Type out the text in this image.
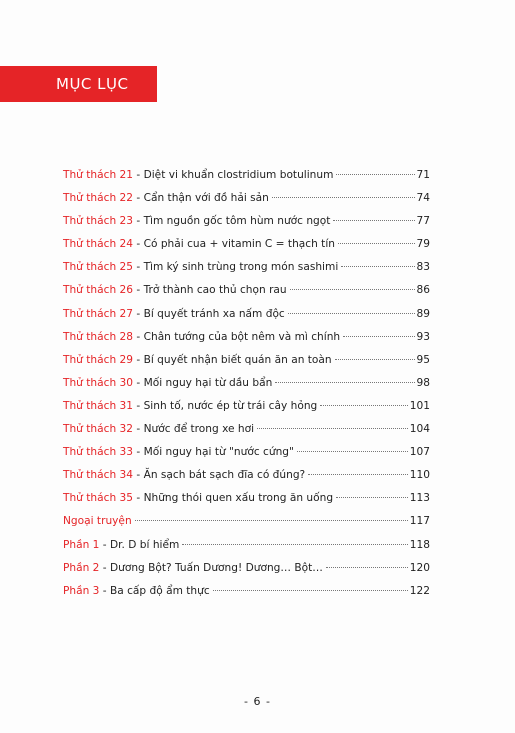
MỤC LỤC
Thử thách 21 - Diệt vi khuẩn clostridium botulinum	71
Thử thách 22 - Cẩn thận với đồ hải sản	74
Thử thách 23 - Tìm nguồn gốc tôm hùm nước ngọt	77
Thử thách 24 - Có phải cua + vitamin C = thạch tín	79
Thử thách 25 - Tìm ký sinh trùng trong món sashimi	83
Thử thách 26 - Trở thành cao thủ chọn rau	86
Thử thách 27 - Bí quyết tránh xa nấm độc	89
Thử thách 28 - Chân tướng của bột nêm và mì chính	93
Thử thách 29 - Bí quyết nhận biết quán ăn an toàn	95
Thử thách 30 - Mối nguy hại từ dầu bẩn	98
Thử thách 31 - Sinh tố, nước ép từ trái cây hỏng	101
Thử thách 32 - Nước để trong xe hơi	104
Thử thách 33 - Mối nguy hại từ "nước cứng"	107
Thử thách 34 - Ăn sạch bát sạch đĩa có đúng?	110
Thử thách 35 - Những thói quen xấu trong ăn uống	113
Ngoại truyện	117
Phần 1 - Dr. D bí hiểm	118
Phần 2 - Dương Bột? Tuấn Dương! Dương… Bột…	120
Phần 3 - Ba cấp độ ẩm thực	122
- 6 -
